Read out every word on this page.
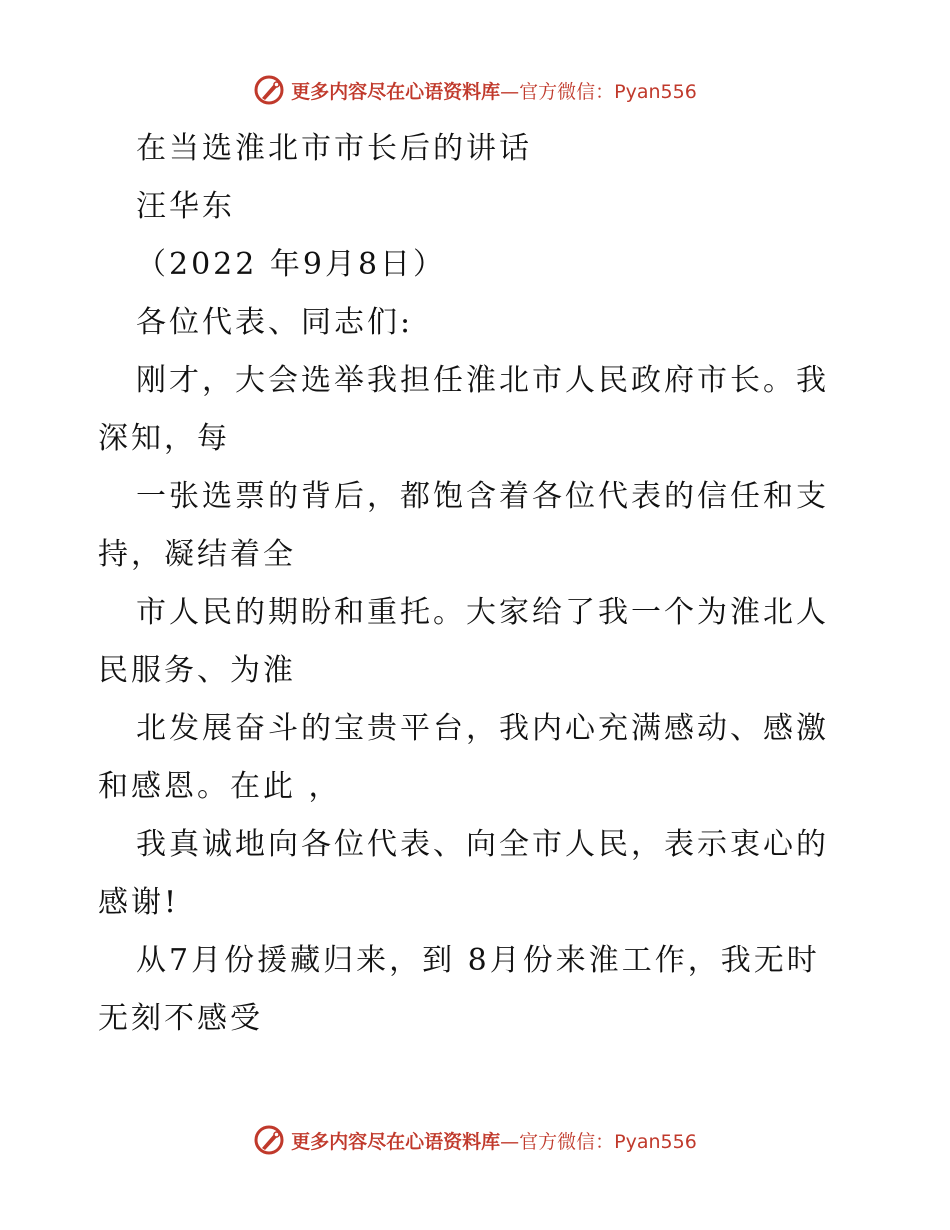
更多内容尽在心语资料库—官方微信：Pyan556
在当选淮北市市长后的讲话
汪华东
（2022 年9月8日）
各位代表、同志们:
刚才，大会选举我担任淮北市人民政府市长。我
深知，每
一张选票的背后，都饱含着各位代表的信任和支
持，凝结着全
市人民的期盼和重托。大家给了我一个为淮北人
民服务、为淮
北发展奋斗的宝贵平台，我内心充满感动、感激
和感恩。在此 ，
我真诚地向各位代表、向全市人民，表示衷心的
感谢!
从7月份援藏归来，到 8月份来淮工作，我无时
无刻不感受
更多内容尽在心语资料库—官方微信：Pyan556
